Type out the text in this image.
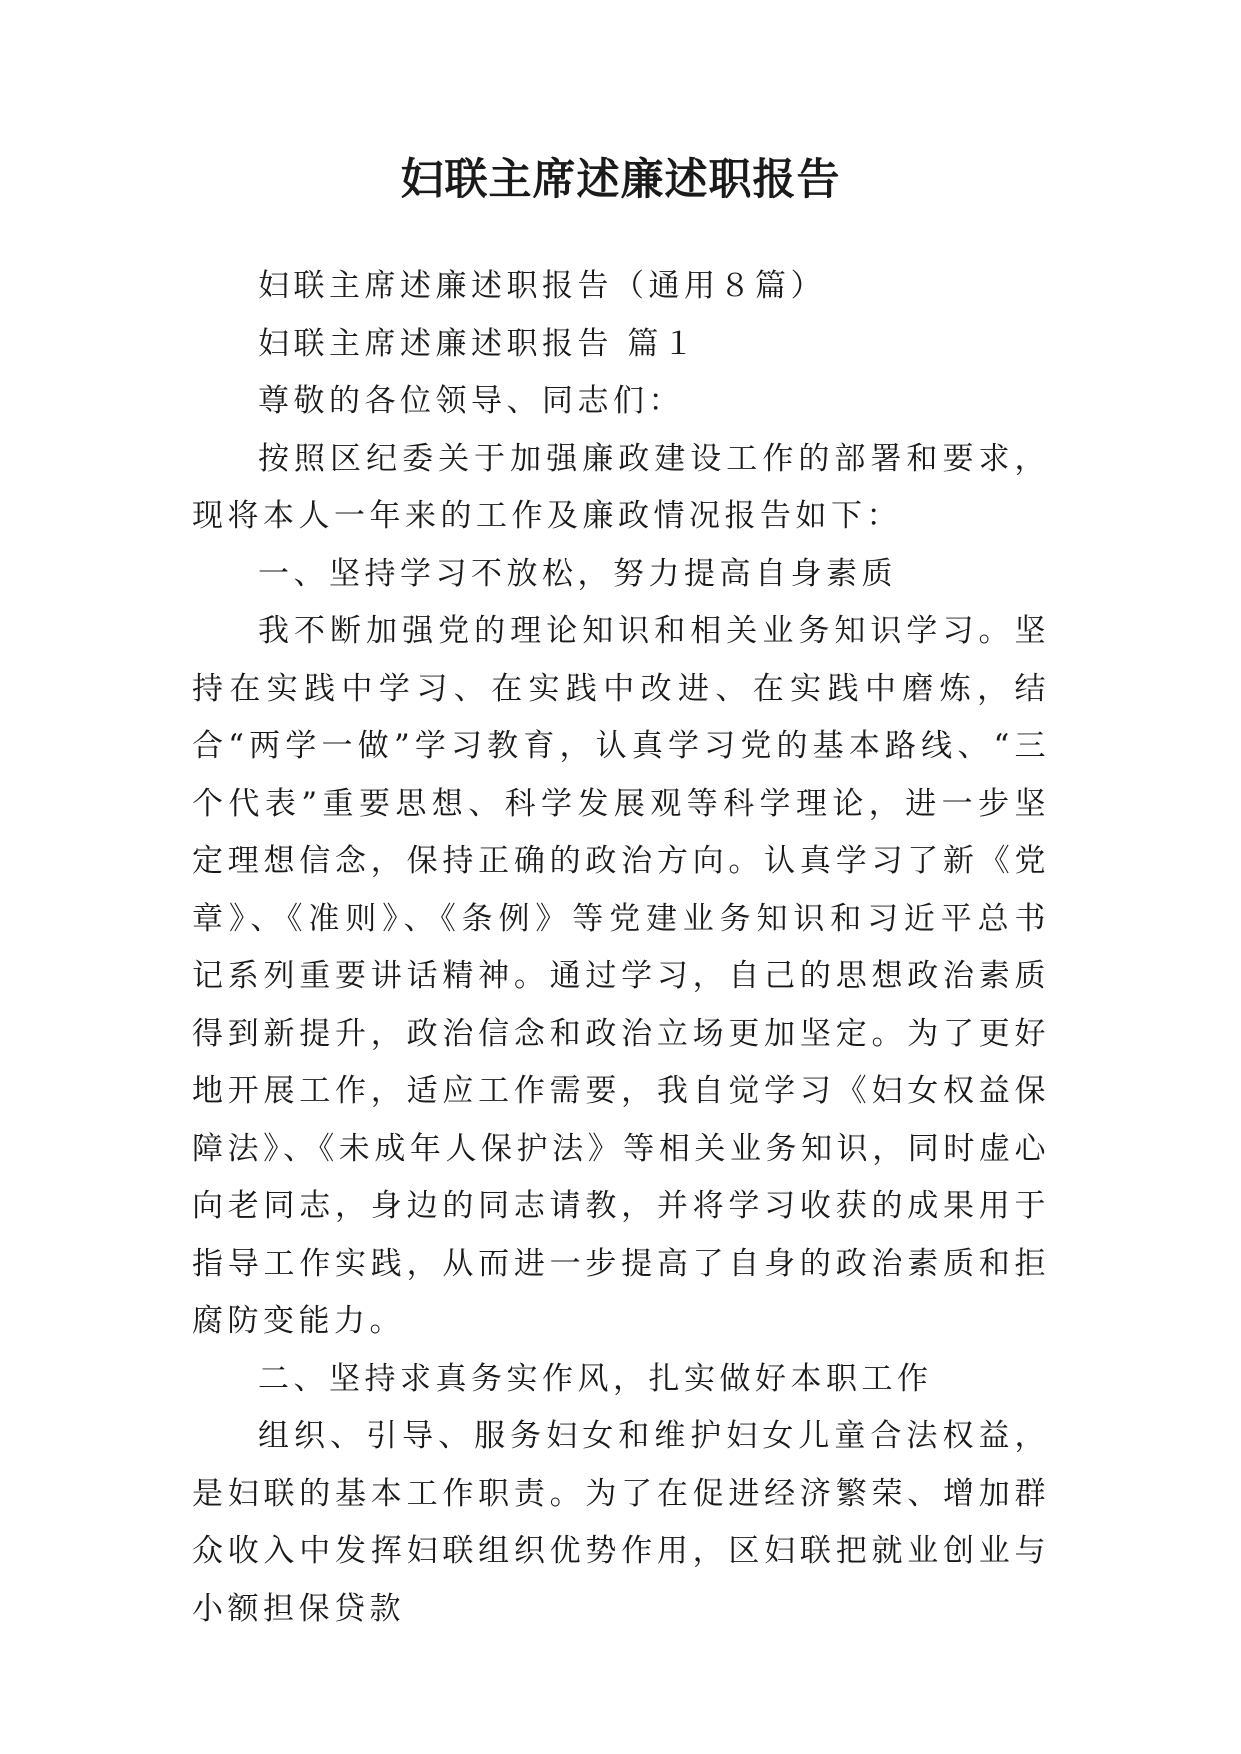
妇联主席述廉述职报告

妇联主席述廉述职报告（通用８篇）

妇联主席述廉述职报告 篇１

尊敬的各位领导、同志们：

按照区纪委关于加强廉政建设工作的部署和要求，现将本人一年来的工作及廉政情况报告如下：

一、坚持学习不放松，努力提高自身素质

我不断加强党的理论知识和相关业务知识学习。坚持在实践中学习、在实践中改进、在实践中磨炼，结合“两学一做”学习教育，认真学习党的基本路线、“三个代表”重要思想、科学发展观等科学理论，进一步坚定理想信念，保持正确的政治方向。认真学习了新《党章》、《准则》、《条例》等党建业务知识和习近平总书记系列重要讲话精神。通过学习，自己的思想政治素质得到新提升，政治信念和政治立场更加坚定。为了更好地开展工作，适应工作需要，我自觉学习《妇女权益保障法》、《未成年人保护法》等相关业务知识，同时虚心向老同志，身边的同志请教，并将学习收获的成果用于指导工作实践，从而进一步提高了自身的政治素质和拒腐防变能力。

二、坚持求真务实作风，扎实做好本职工作

组织、引导、服务妇女和维护妇女儿童合法权益，是妇联的基本工作职责。为了在促进经济繁荣、增加群众收入中发挥妇联组织优势作用，区妇联把就业创业与小额担保贷款
